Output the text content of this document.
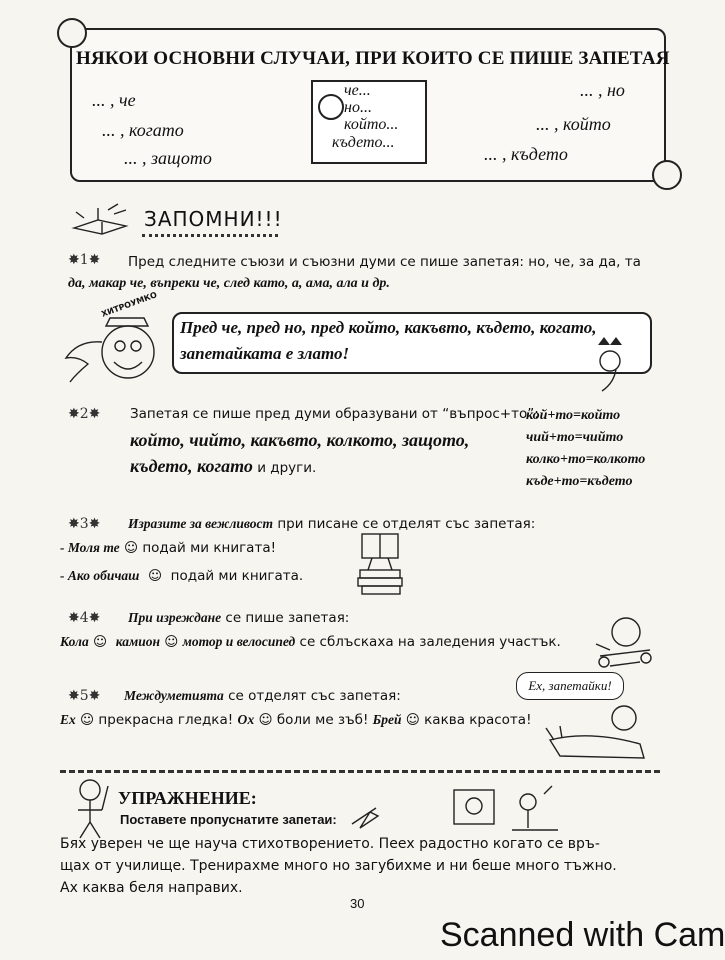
НЯКОИ ОСНОВНИ СЛУЧАИ, ПРИ КОИТО СЕ ПИШЕ ЗАПЕТАЯ
... , че
... , когато
... , защото
че...
но...
който...
където...
... , но
... , който
... , където
ЗАПОМНИ!!!
✸1✸ Пред следните съюзи и съюзни думи се пише запетая: но, че, за да, та
да, макар че, въпреки че, след като, а, ама, ала и др.
ХИТРОУМКО
Пред че, пред но, пред който, какъвто, където, когато,
запетайката е злато!
✸2✸ Запетая се пише пред думи образувани от “въпрос+то”:
който, чийто, какъвто, колкото, защото,
където, когато и други.
кой+то=който
чий+то=чийто
колко+то=колкото
къде+то=където
✸3✸ Изразите за вежливост при писане се отделят със запетая:
- Моля те ☺ подай ми книгата!
- Ако обичаш  ☺  подай ми книгата.
✸4✸ При изреждане се пише запетая:
Кола ☺  камион ☺ мотор и велосипед се сблъскаха на заледения участък.
✸5✸ Междуметията се отделят със запетая:
Ех ☺ прекрасна гледка! Ох ☺ боли ме зъб! Брей ☺ каква красота!
Ех, запетайки!
УПРАЖНЕНИЕ:
Поставете пропуснатите запетаи:
Бях уверен че ще науча стихотворението. Пеех радостно когато се връ-
щах от училище. Тренирахме много но загубихме и ни беше много тъжно.
Ах каква беля направих.
30
Scanned with Cam
